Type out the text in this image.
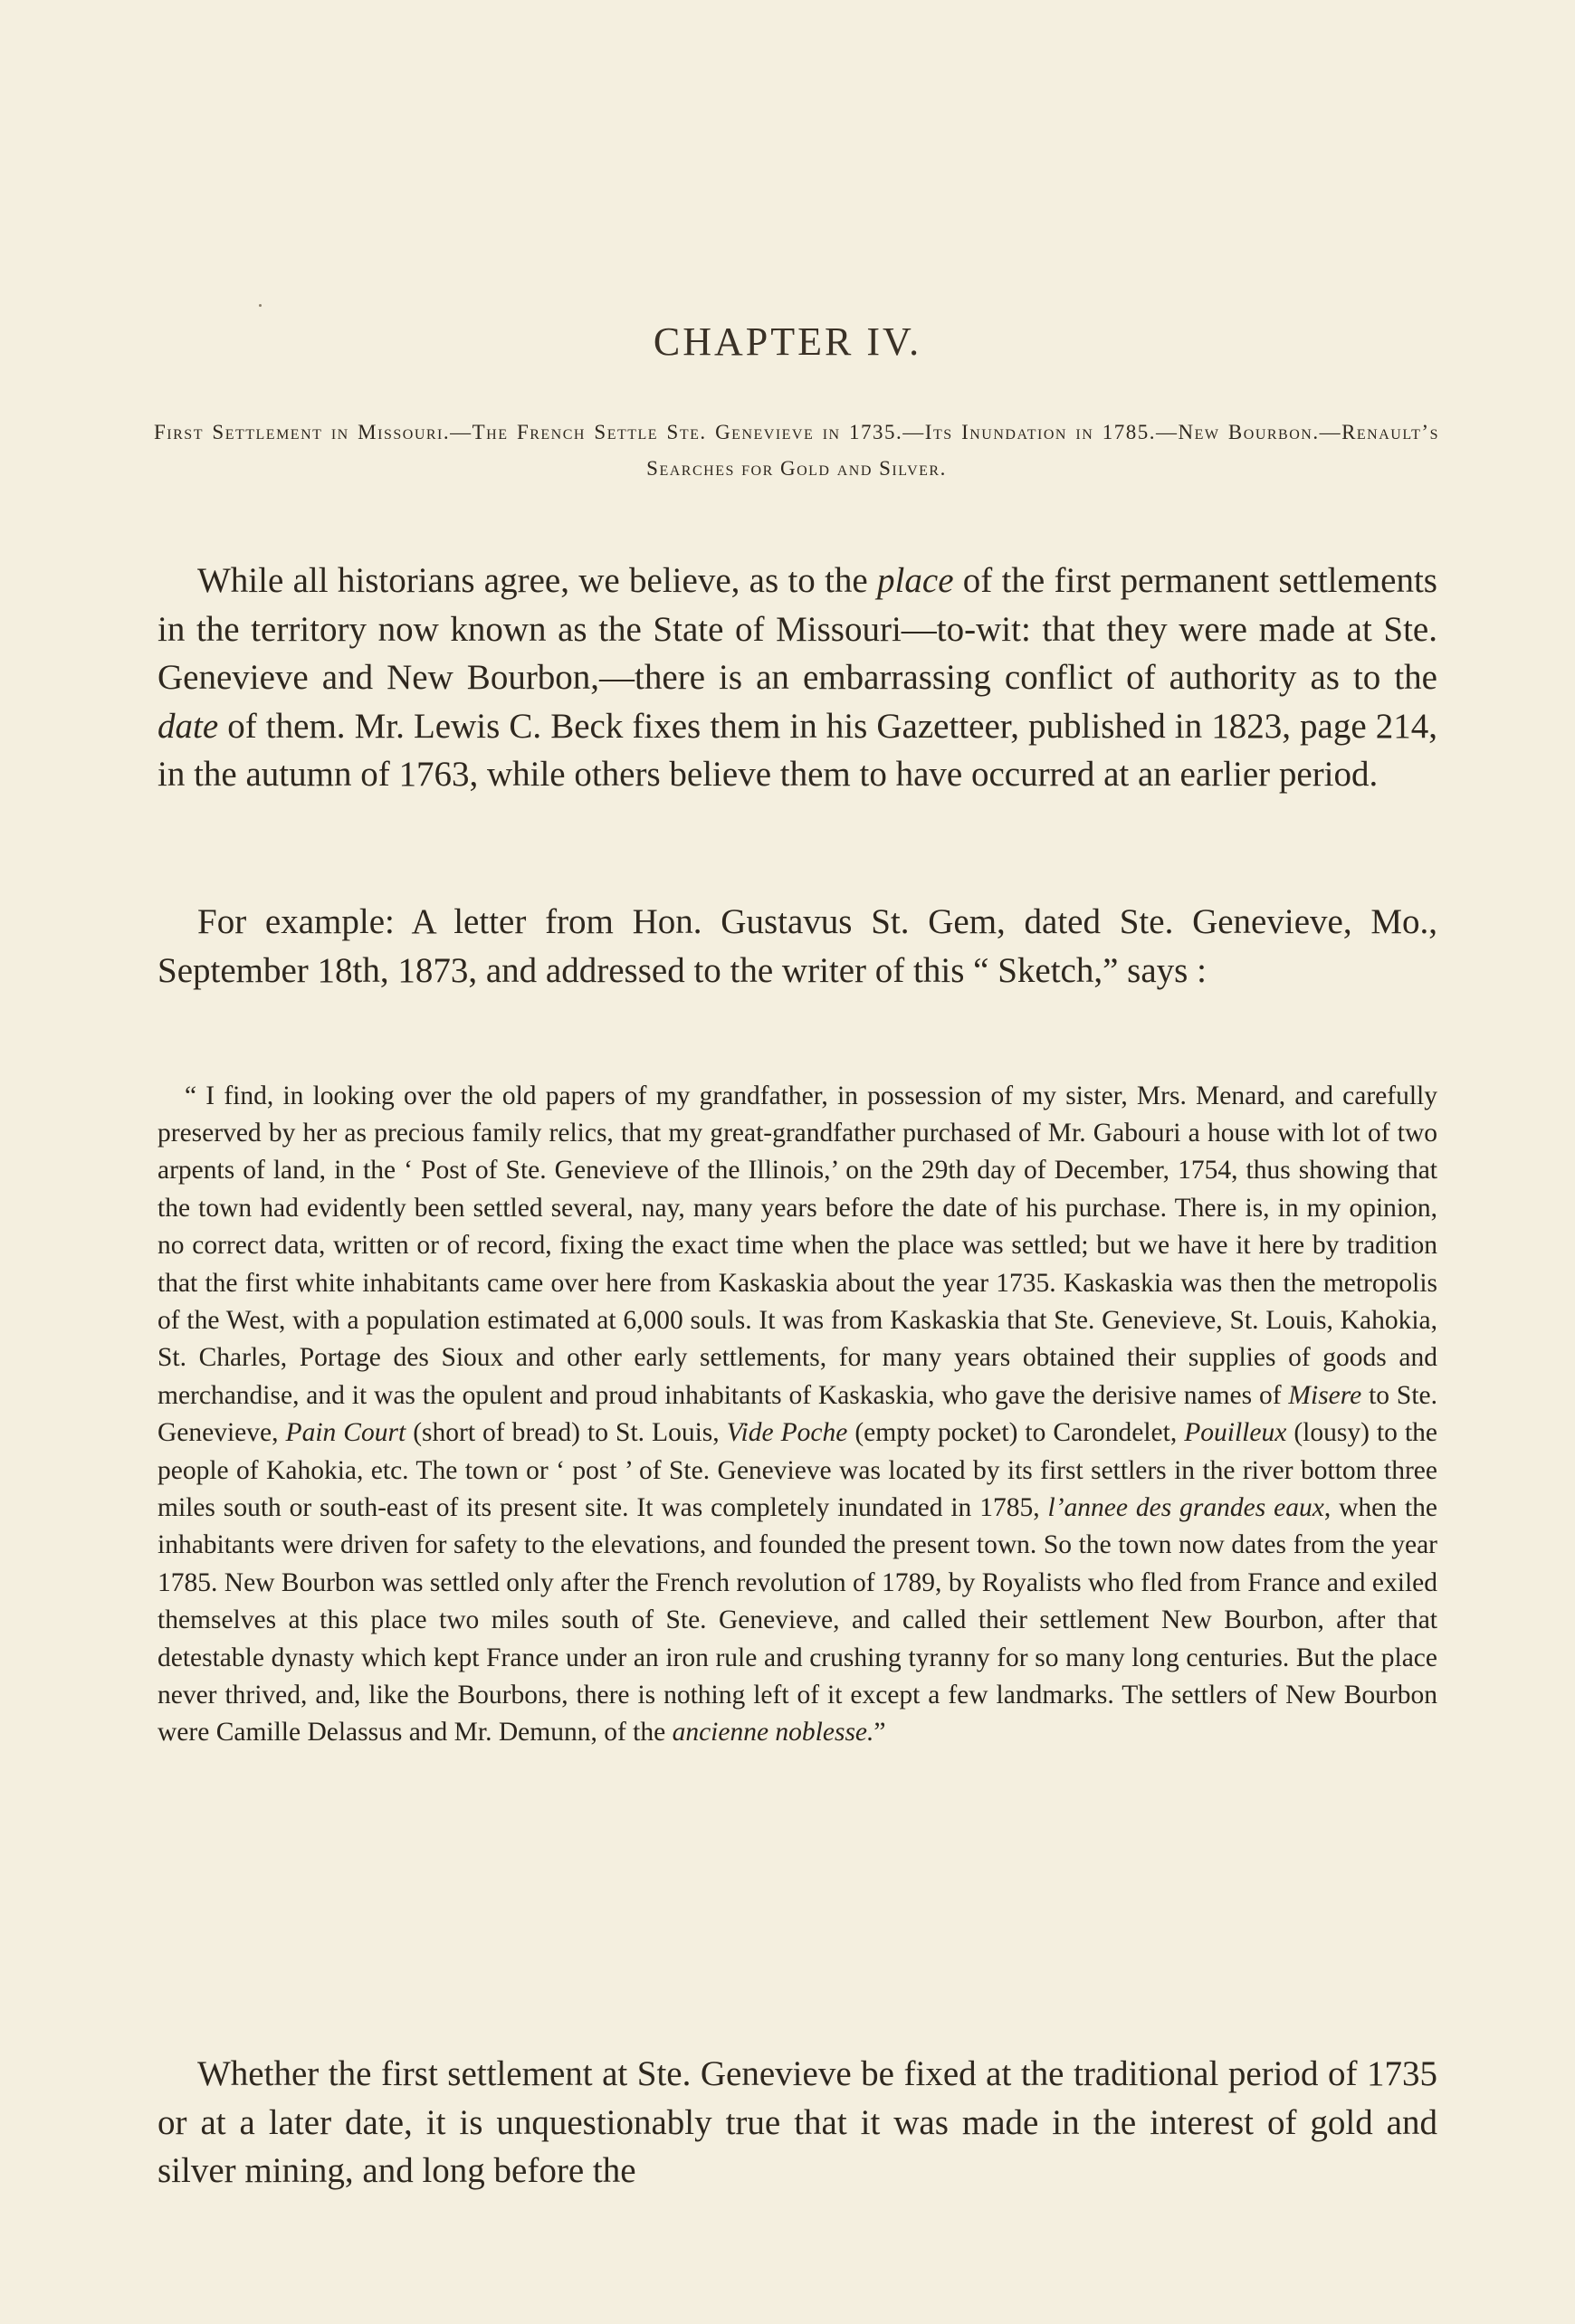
CHAPTER IV.
First Settlement in Missouri.—The French Settle Ste. Genevieve in 1735.—Its Inundation in 1785.—New Bourbon.—Renault’s Searches for Gold and Silver.

While all historians agree, we believe, as to the place of the first permanent settlements in the territory now known as the State of Missouri—to-wit: that they were made at Ste. Genevieve and New Bourbon,—there is an embarrassing conflict of authority as to the date of them. Mr. Lewis C. Beck fixes them in his Gazetteer, published in 1823, page 214, in the autumn of 1763, while others believe them to have occurred at an earlier period.

For example: A letter from Hon. Gustavus St. Gem, dated Ste. Genevieve, Mo., September 18th, 1873, and addressed to the writer of this “ Sketch,” says :

“ I find, in looking over the old papers of my grandfather, in possession of my sister, Mrs. Menard, and carefully preserved by her as precious family relics, that my great-grandfather purchased of Mr. Gabouri a house with lot of two arpents of land, in the ‘ Post of Ste. Genevieve of the Illinois,’ on the 29th day of December, 1754, thus showing that the town had evidently been settled several, nay, many years before the date of his purchase. There is, in my opinion, no correct data, written or of record, fixing the exact time when the place was settled; but we have it here by tradition that the first white inhabitants came over here from Kaskaskia about the year 1735. Kaskaskia was then the metropolis of the West, with a population estimated at 6,000 souls. It was from Kaskaskia that Ste. Genevieve, St. Louis, Kahokia, St. Charles, Portage des Sioux and other early settlements, for many years obtained their supplies of goods and merchandise, and it was the opulent and proud inhabitants of Kaskaskia, who gave the derisive names of Misere to Ste. Genevieve, Pain Court (short of bread) to St. Louis, Vide Poche (empty pocket) to Carondelet, Pouilleux (lousy) to the people of Kahokia, etc. The town or ‘ post ’ of Ste. Genevieve was located by its first settlers in the river bottom three miles south or south-east of its present site. It was completely inundated in 1785, l’annee des grandes eaux, when the inhabitants were driven for safety to the elevations, and founded the present town. So the town now dates from the year 1785. New Bourbon was settled only after the French revolution of 1789, by Royalists who fled from France and exiled themselves at this place two miles south of Ste. Genevieve, and called their settlement New Bourbon, after that detestable dynasty which kept France under an iron rule and crushing tyranny for so many long centuries. But the place never thrived, and, like the Bourbons, there is nothing left of it except a few landmarks. The settlers of New Bourbon were Camille Delassus and Mr. Demunn, of the ancienne noblesse.”

Whether the first settlement at Ste. Genevieve be fixed at the traditional period of 1735 or at a later date, it is unquestionably true that it was made in the interest of gold and silver mining, and long before the
